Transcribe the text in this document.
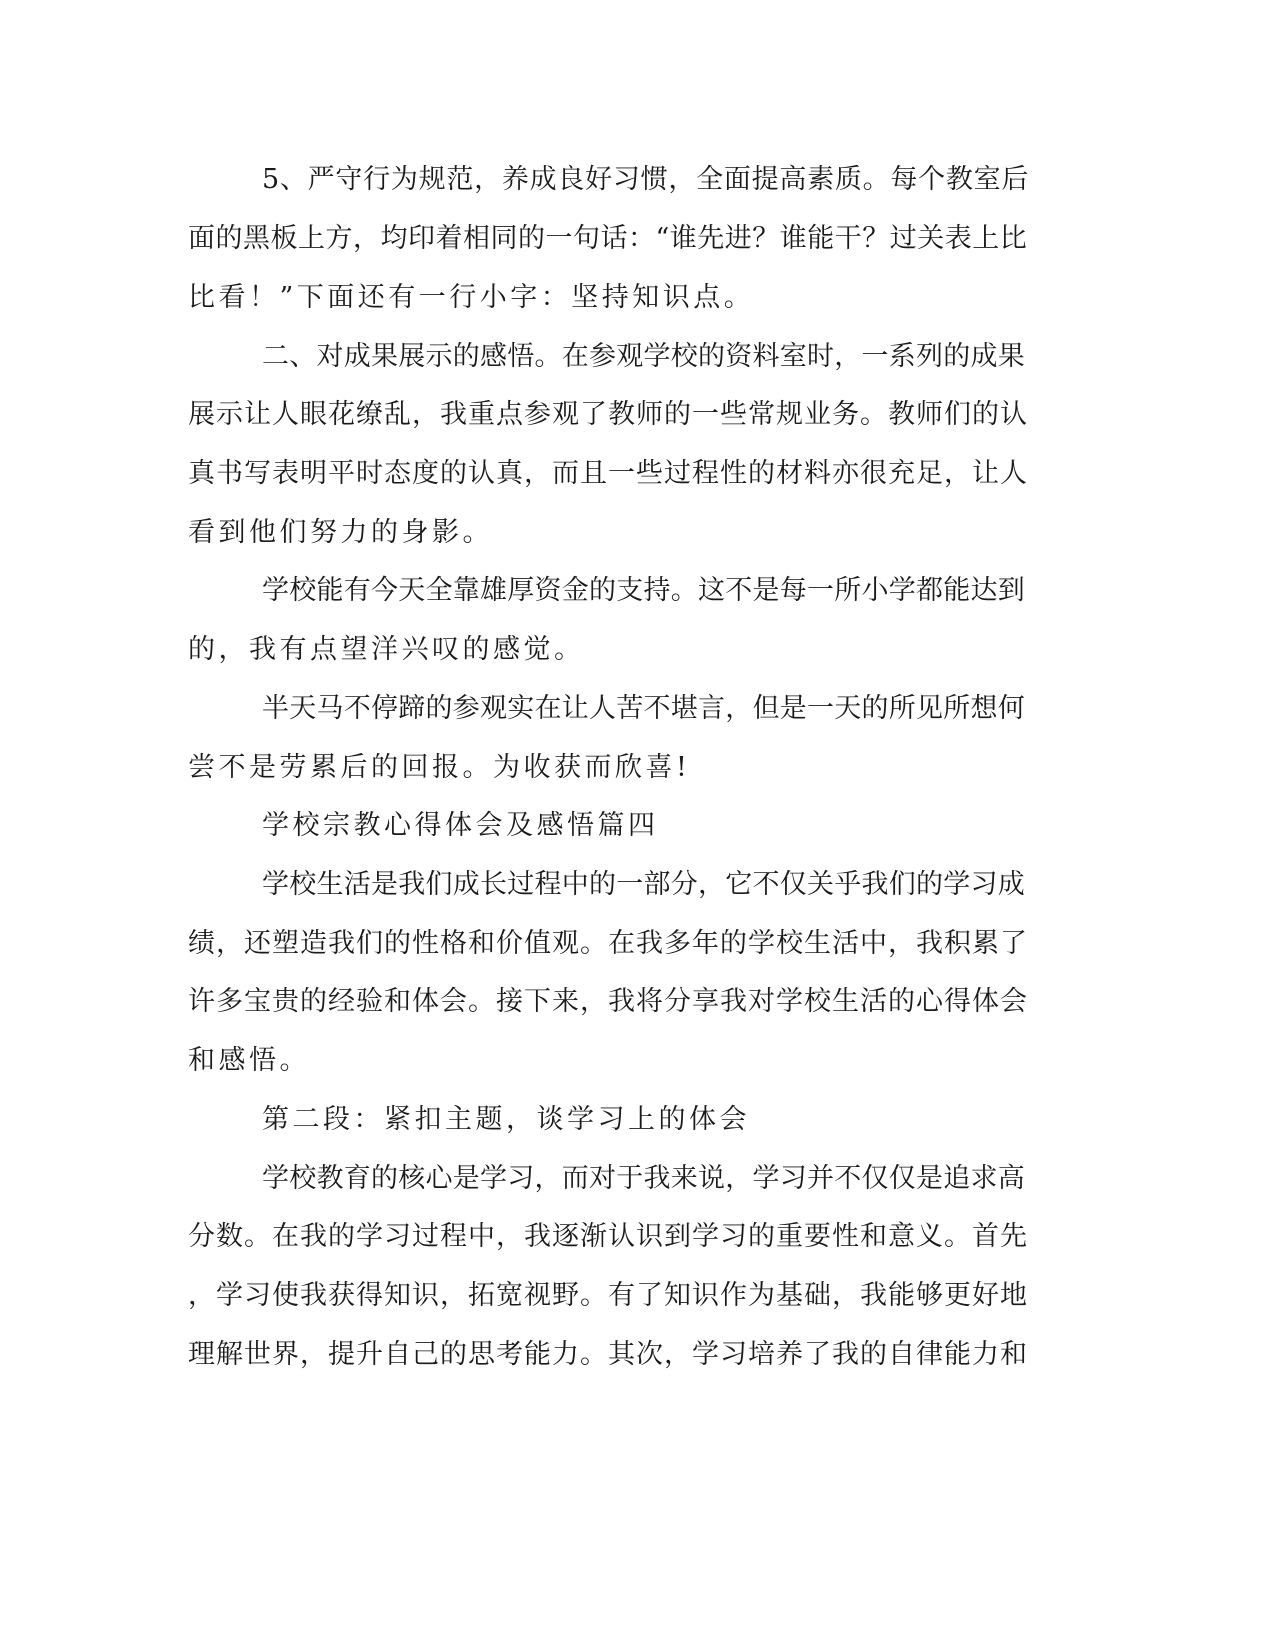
5、严守行为规范，养成良好习惯，全面提高素质。每个教室后
面的黑板上方，均印着相同的一句话：“谁先进？谁能干？过关表上比
比看！”下面还有一行小字：坚持知识点。
二、对成果展示的感悟。在参观学校的资料室时，一系列的成果
展示让人眼花缭乱，我重点参观了教师的一些常规业务。教师们的认
真书写表明平时态度的认真，而且一些过程性的材料亦很充足，让人
看到他们努力的身影。
学校能有今天全靠雄厚资金的支持。这不是每一所小学都能达到
的，我有点望洋兴叹的感觉。
半天马不停蹄的参观实在让人苦不堪言，但是一天的所见所想何
尝不是劳累后的回报。为收获而欣喜!
学校宗教心得体会及感悟篇四
学校生活是我们成长过程中的一部分，它不仅关乎我们的学习成
绩，还塑造我们的性格和价值观。在我多年的学校生活中，我积累了
许多宝贵的经验和体会。接下来，我将分享我对学校生活的心得体会
和感悟。
第二段：紧扣主题，谈学习上的体会
学校教育的核心是学习，而对于我来说，学习并不仅仅是追求高
分数。在我的学习过程中，我逐渐认识到学习的重要性和意义。首先
，学习使我获得知识，拓宽视野。有了知识作为基础，我能够更好地
理解世界，提升自己的思考能力。其次，学习培养了我的自律能力和
